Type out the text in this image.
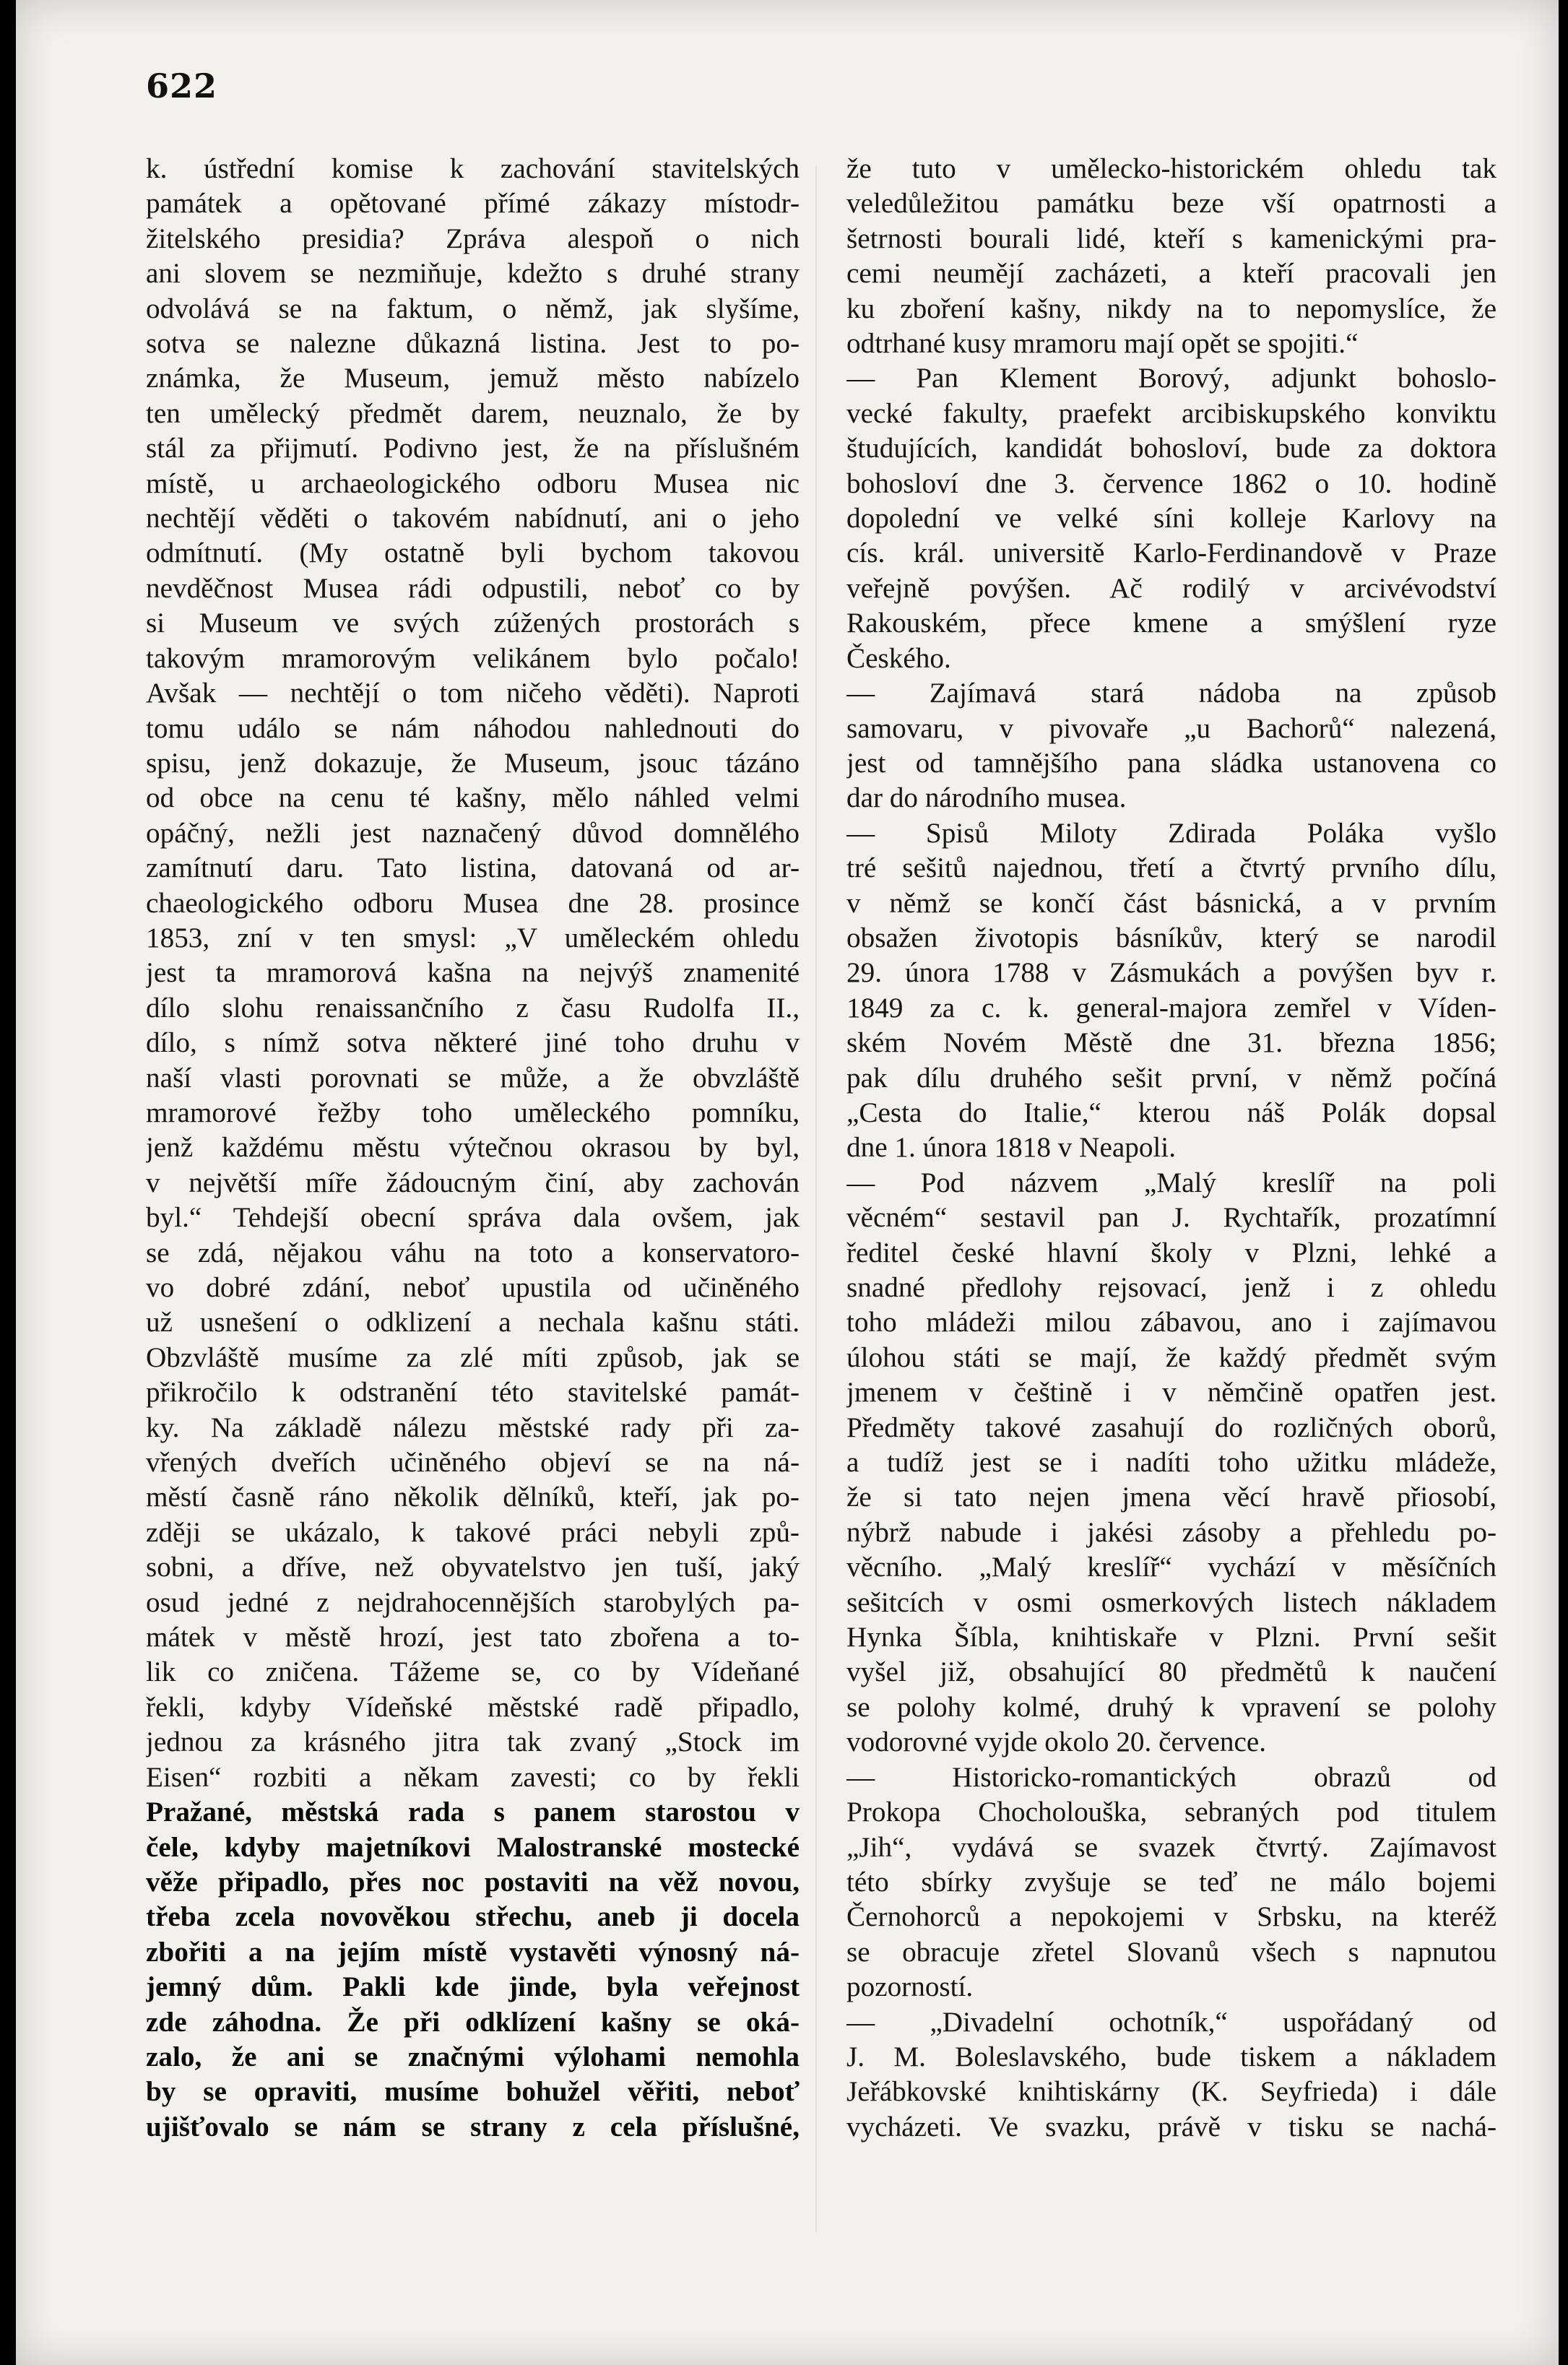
622
k. ústřední komise k zachování stavitelských
památek a opětované přímé zákazy místodr-
žitelského presidia? Zpráva alespoň o nich
ani slovem se nezmiňuje, kdežto s druhé strany
odvolává se na faktum, o němž, jak slyšíme,
sotva se nalezne důkazná listina. Jest to po-
známka, že Museum, jemuž město nabízelo
ten umělecký předmět darem, neuznalo, že by
stál za přijmutí. Podivno jest, že na příslušném
místě, u archaeologického odboru Musea nic
nechtějí věděti o takovém nabídnutí, ani o jeho
odmítnutí. (My ostatně byli bychom takovou
nevděčnost Musea rádi odpustili, neboť co by
si Museum ve svých zúžených prostorách s
takovým mramorovým velikánem bylo počalo!
Avšak — nechtějí o tom ničeho věděti). Naproti
tomu událo se nám náhodou nahlednouti do
spisu, jenž dokazuje, že Museum, jsouc tázáno
od obce na cenu té kašny, mělo náhled velmi
opáčný, nežli jest naznačený důvod domnělého
zamítnutí daru. Tato listina, datovaná od ar-
chaeologického odboru Musea dne 28. prosince
1853, zní v ten smysl: „V uměleckém ohledu
jest ta mramorová kašna na nejvýš znamenité
dílo slohu renaissančního z času Rudolfa II.,
dílo, s nímž sotva některé jiné toho druhu v
naší vlasti porovnati se může, a že obvzláště
mramorové řežby toho uměleckého pomníku,
jenž každému městu výtečnou okrasou by byl,
v největší míře žádoucným činí, aby zachován
byl.“ Tehdejší obecní správa dala ovšem, jak
se zdá, nějakou váhu na toto a konservatoro-
vo dobré zdání, neboť upustila od učiněného
už usnešení o odklizení a nechala kašnu státi.
Obzvláště musíme za zlé míti způsob, jak se
přikročilo k odstranění této stavitelské památ-
ky. Na základě nálezu městské rady při za-
vřených dveřích učiněného objeví se na ná-
městí časně ráno několik dělníků, kteří, jak po-
zději se ukázalo, k takové práci nebyli způ-
sobni, a dříve, než obyvatelstvo jen tuší, jaký
osud jedné z nejdrahocennějších starobylých pa-
mátek v městě hrozí, jest tato zbořena a to-
lik co zničena. Tážeme se, co by Vídeňané
řekli, kdyby Vídeňské městské radě připadlo,
jednou za krásného jitra tak zvaný „Stock im
Eisen“ rozbiti a někam zavesti; co by řekli
Pražané, městská rada s panem starostou v
čele, kdyby majetníkovi Malostranské mostecké
věže připadlo, přes noc postaviti na věž novou,
třeba zcela novověkou střechu, aneb ji docela
zbořiti a na jejím místě vystavěti výnosný ná-
jemný dům. Pakli kde jinde, byla veřejnost
zde záhodna. Že při odklízení kašny se oká-
zalo, že ani se značnými výlohami nemohla
by se opraviti, musíme bohužel věřiti, neboť
ujišťovalo se nám se strany z cela příslušné,
že tuto v umělecko-historickém ohledu tak
veledůležitou památku beze vší opatrnosti a
šetrnosti bourali lidé, kteří s kamenickými pra-
cemi neumějí zacházeti, a kteří pracovali jen
ku zboření kašny, nikdy na to nepomyslíce, že
odtrhané kusy mramoru mají opět se spojiti.“
— Pan Klement Borový, adjunkt bohoslo-
vecké fakulty, praefekt arcibiskupského konviktu
študujících, kandidát bohosloví, bude za doktora
bohosloví dne 3. července 1862 o 10. hodině
dopolední ve velké síni kolleje Karlovy na
cís. král. universitě Karlo-Ferdinandově v Praze
veřejně povýšen. Ač rodilý v arcivévodství
Rakouském, přece kmene a smýšlení ryze
Českého.
— Zajímavá stará nádoba na způsob
samovaru, v pivovaře „u Bachorů“ nalezená,
jest od tamnějšího pana sládka ustanovena co
dar do národního musea.
— Spisů Miloty Zdirada Poláka vyšlo
tré sešitů najednou, třetí a čtvrtý prvního dílu,
v němž se končí část básnická, a v prvním
obsažen životopis básníkův, který se narodil
29. února 1788 v Zásmukách a povýšen byv r.
1849 za c. k. general-majora zemřel v Víden-
ském Novém Městě dne 31. března 1856;
pak dílu druhého sešit první, v němž počíná
„Cesta do Italie,“ kterou náš Polák dopsal
dne 1. února 1818 v Neapoli.
— Pod názvem „Malý kreslíř na poli
věcném“ sestavil pan J. Rychtařík, prozatímní
ředitel české hlavní školy v Plzni, lehké a
snadné předlohy rejsovací, jenž i z ohledu
toho mládeži milou zábavou, ano i zajímavou
úlohou státi se mají, že každý předmět svým
jmenem v češtině i v němčině opatřen jest.
Předměty takové zasahují do rozličných oborů,
a tudíž jest se i nadíti toho užitku mládeže,
že si tato nejen jmena věcí hravě přiosobí,
nýbrž nabude i jakési zásoby a přehledu po-
věcního. „Malý kreslíř“ vychází v měsíčních
sešitcích v osmi osmerkových listech nákladem
Hynka Šíbla, knihtiskaře v Plzni. První sešit
vyšel již, obsahující 80 předmětů k naučení
se polohy kolmé, druhý k vpravení se polohy
vodorovné vyjde okolo 20. července.
— Historicko-romantických obrazů od
Prokopa Chocholouška, sebraných pod titulem
„Jih“, vydává se svazek čtvrtý. Zajímavost
této sbírky zvyšuje se teď ne málo bojemi
Černohorců a nepokojemi v Srbsku, na kteréž
se obracuje zřetel Slovanů všech s napnutou
pozorností.
— „Divadelní ochotník,“ uspořádaný od
J. M. Boleslavského, bude tiskem a nákladem
Jeřábkovské knihtiskárny (K. Seyfrieda) i dále
vycházeti. Ve svazku, právě v tisku se nachá-
